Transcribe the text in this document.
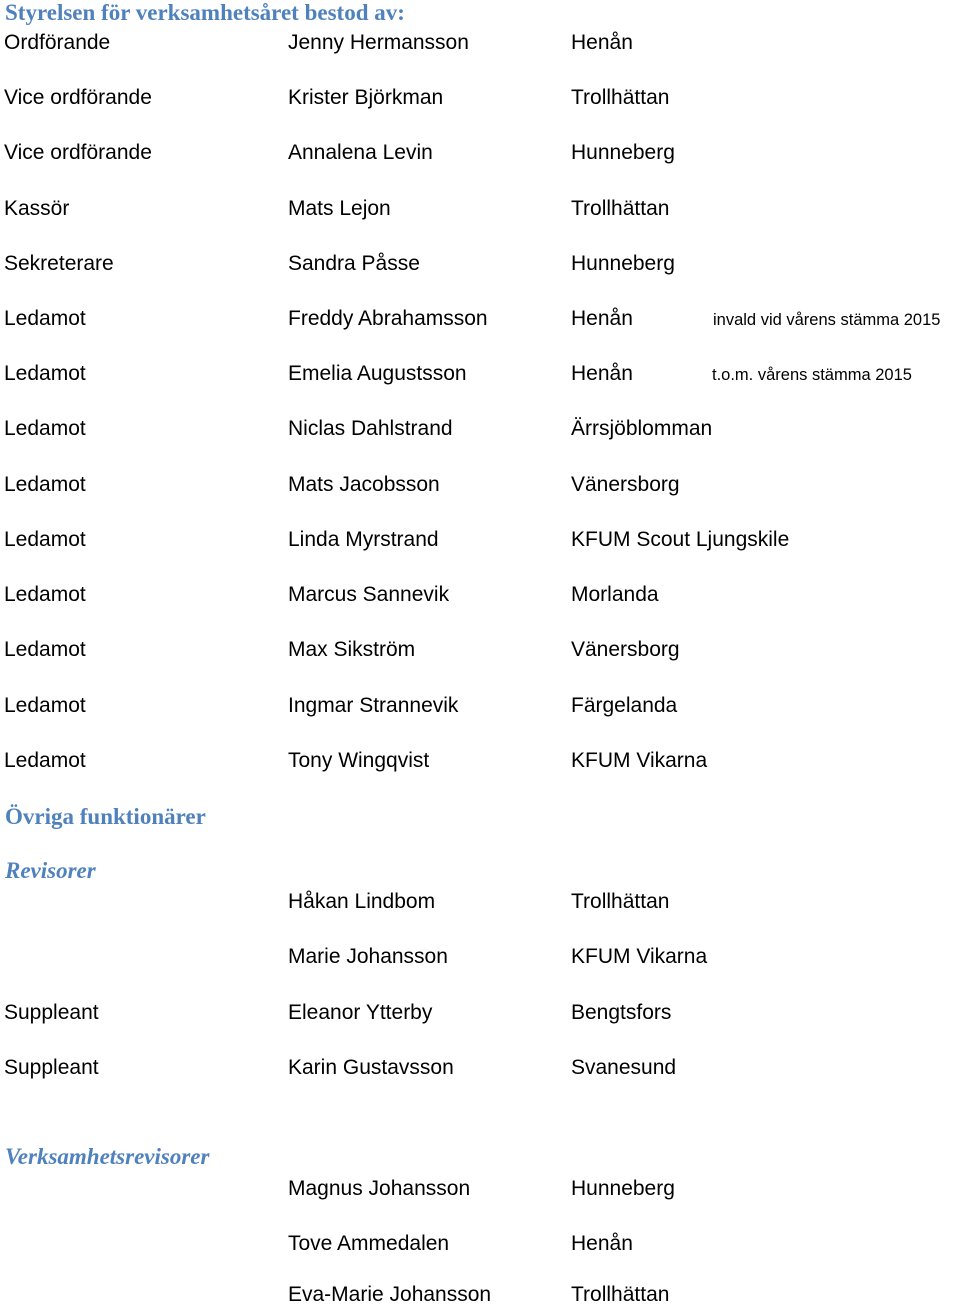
Styrelsen för verksamhetsåret bestod av:
Ordförande	Jenny Hermansson	Henån
Vice ordförande	Krister Björkman	Trollhättan
Vice ordförande	Annalena Levin	Hunneberg
Kassör	Mats Lejon	Trollhättan
Sekreterare	Sandra Påsse	Hunneberg
Ledamot	Freddy Abrahamsson	Henån	invald vid vårens stämma 2015
Ledamot	Emelia Augustsson	Henån	t.o.m. vårens stämma 2015
Ledamot	Niclas Dahlstrand	Ärrsjöblomman
Ledamot	Mats Jacobsson	Vänersborg
Ledamot	Linda Myrstrand	KFUM Scout Ljungskile
Ledamot	Marcus Sannevik	Morlanda
Ledamot	Max Sikström	Vänersborg
Ledamot	Ingmar Strannevik	Färgelanda
Ledamot	Tony Wingqvist	KFUM Vikarna
Övriga funktionärer
Revisorer
Håkan Lindbom	Trollhättan
Marie Johansson	KFUM Vikarna
Suppleant	Eleanor Ytterby	Bengtsfors
Suppleant	Karin Gustavsson	Svanesund
Verksamhetsrevisorer
Magnus Johansson	Hunneberg
Tove Ammedalen	Henån
Eva-Marie Johansson	Trollhättan
